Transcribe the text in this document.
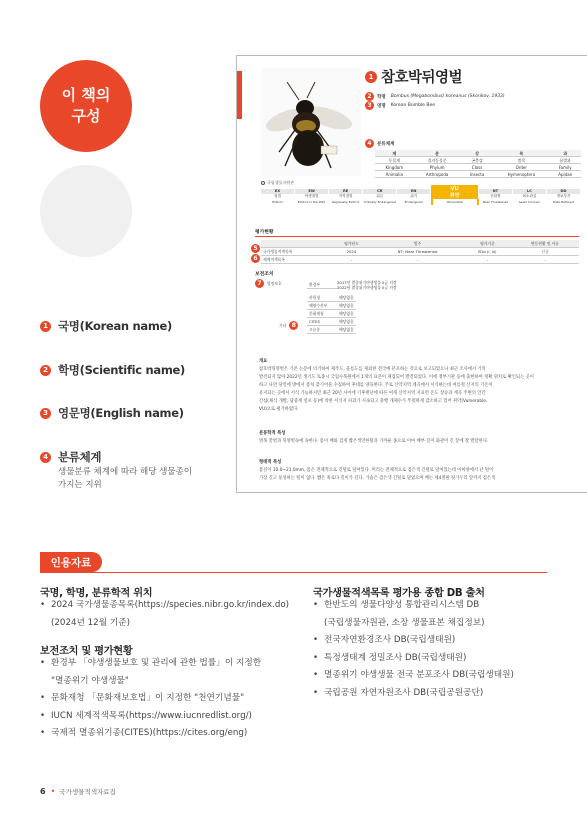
이 책의
구성
1 국명(Korean name)
2 학명(Scientific name)
3 영문명(English name)
4 분류체계
생물분류 체계에 따라 해당 생물종이
가지는 지위
국립생물자원관
1 참호박뒤영벌
2	학명 Bombus (Megabombus) koreanus (Skorikov, 1933)
3	영명 Korean Bumble Bee
4	분류체계
계	문	강	목	과
동물계	절지동물문	곤충강	벌목	꿀벌과
Kingdom	Phylum	Class	Order	Family
Animalia	Arthropoda	Insecta	Hymenoptera	Apidae
EX
절멸
Extinct
EW
야생절멸
Extinct in the Wild
RE
지역절멸
Regionally Extinct
CR
위급
Critically Endangered
EN
위기
Endangered
VU
취약
Vulnerable
NT
준위협
Near Threatened
LC
최소관심
Least Concern
DD
정보부족
Data Deficient
평가현황
5
6
	평가년도	범주	평가기준	변동현황 및 사유
국가생물적색목록	2024	NT; Near Threatened	B1b (i, iii)	신규
세계적색목록	-	-	-	-
보전조치
7	법정보호	환경부	2017년 멸종위기야생생물 II급 지정
2022년 멸종위기야생생물 II급 지정
산림청	해당없음
해양수산부	해당없음
문화재청	해당없음
기타 8
CITES	해당없음
고유종	해당없음
개요
참호박뒤영벌은 기존 논문에 의거하여 제주도, 울릉도를 제외한 전국에 분포하는 것으로 보고되었으나 최근 조사에서 거의
발견되지 않아 2022년 생기도 토종시 국립수목원에서 1개의 표본이 채집되어 발견되었다. 이에 정부기관 등에 출현하여 정확 위치로 확인되는 곳이
하고 나면 당일에 방에서 좀처 찾기어울 수집하여 후대를 양육한다. 주로 산악지역 계곡에서 서식하는데 여름철 산지의 기온이
유지되는 곳에서 서식 가능하지만 최근 20년 사이에 기후변난에 따른 여게 산악지역 지표면 온도 상승과 계곡 주변의 인간
간섭(채식 개발, 답중계 설포 등)에 의한 서식지 파괴가 지속되고 충행 개체수가 뚜렷하게 감소하고 있어 취약(Vulnerable,
VU)으로 평가하였다.
분류학적 특성
벌목 꿀벌과 뒤영벌속에 속한다. 몸이 배와 검게 짧은색연한털과 가까운 종으로 이마 배부 길이 화관이 긴 꿀에 잘 발달한다.
형태적 특성
몸길이 10.0~21.0mm, 몸은 전체적으로 긴털로 덮여있다. 머리는 전체적으로 검은색 긴털로 덮여있는데 이마양에서 난 털이
가장 길고 풍성하는 털이 없다. 뺨은 흑로다 길이가 길다. 가슴은 검은색 긴털로 덮였으며 배는 제4절판 뒷가두리 앞까지 검은색
인용자료
국명, 학명, 분류학적 위치
• 2024 국가생물종목록(https://species.nibr.go.kr/index.do)
(2024년 12월 기준)
보전조치 및 평가현황
• 환경부 「야생생물보호 및 관리에 관한 법률」이 지정한
"멸종위기 야생생물"
• 문화재청 「문화재보호법」이 지정한 "천연기념물"
• IUCN 세계적색목록(https://www.iucnredlist.org/)
• 국제적 멸종위기종(CITES)(https://cites.org/eng)
국가생물적색목록 평가용 종합 DB 출처
• 한반도의 생물다양성 통합관리시스템 DB
(국립생물자원관, 소장 생물표본 채집정보)
• 전국자연환경조사 DB(국립생태원)
• 특정생태계 정밀조사 DB(국립생태원)
• 멸종위기 야생생물 전국 분포조사 DB(국립생태원)
• 국립공원 자연자원조사 DB(국립공원공단)
6 • 국가생물적색자료집
